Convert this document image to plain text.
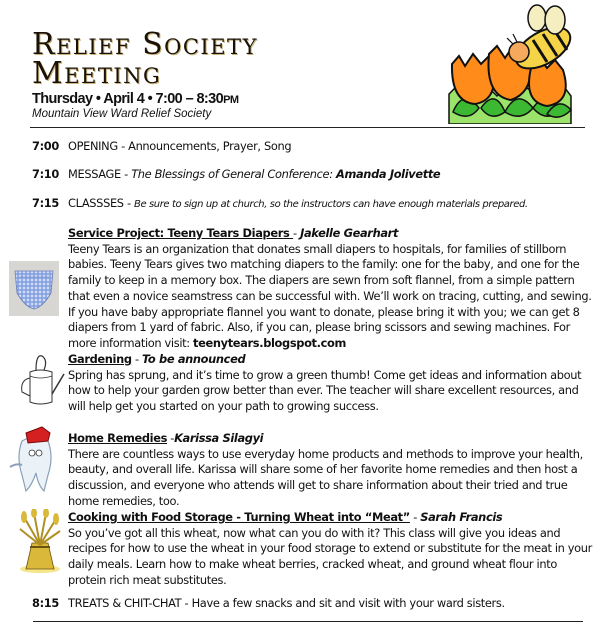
Relief Society
Meeting
Thursday • April 4 • 7:00 – 8:30PM
Mountain View Ward Relief Society
7:00 OPENING - Announcements, Prayer, Song
7:10 MESSAGE - The Blessings of General Conference: Amanda Jolivette
7:15 CLASSSES - Be sure to sign up at church, so the instructors can have enough materials prepared.
Service Project: Teeny Tears Diapers - Jakelle Gearhart

Teeny Tears is an organization that donates small diapers to hospitals, for families of stillborn babies. Teeny Tears gives two matching diapers to the family: one for the baby, and one for the family to keep in a memory box. The diapers are sewn from soft flannel, from a simple pattern that even a novice seamstress can be successful with. We’ll work on tracing, cutting, and sewing. If you have baby appropriate flannel you want to donate, please bring it with you; we can get 8 diapers from 1 yard of fabric. Also, if you can, please bring scissors and sewing machines. For more information visit: teenytears.blogspot.com

Gardening - To be announced

Spring has sprung, and it’s time to grow a green thumb! Come get ideas and information about how to help your garden grow better than ever. The teacher will share excellent resources, and will help get you started on your path to growing success.

Home Remedies -Karissa Silagyi

There are countless ways to use everyday home products and methods to improve your health, beauty, and overall life. Karissa will share some of her favorite home remedies and then host a discussion, and everyone who attends will get to share information about their tried and true home remedies, too.

Cooking with Food Storage - Turning Wheat into “Meat” - Sarah Francis

So you’ve got all this wheat, now what can you do with it? This class will give you ideas and recipes for how to use the wheat in your food storage to extend or substitute for the meat in your daily meals. Learn how to make wheat berries, cracked wheat, and ground wheat flour into protein rich meat substitutes.

8:15 TREATS & CHIT-CHAT - Have a few snacks and sit and visit with your ward sisters.
